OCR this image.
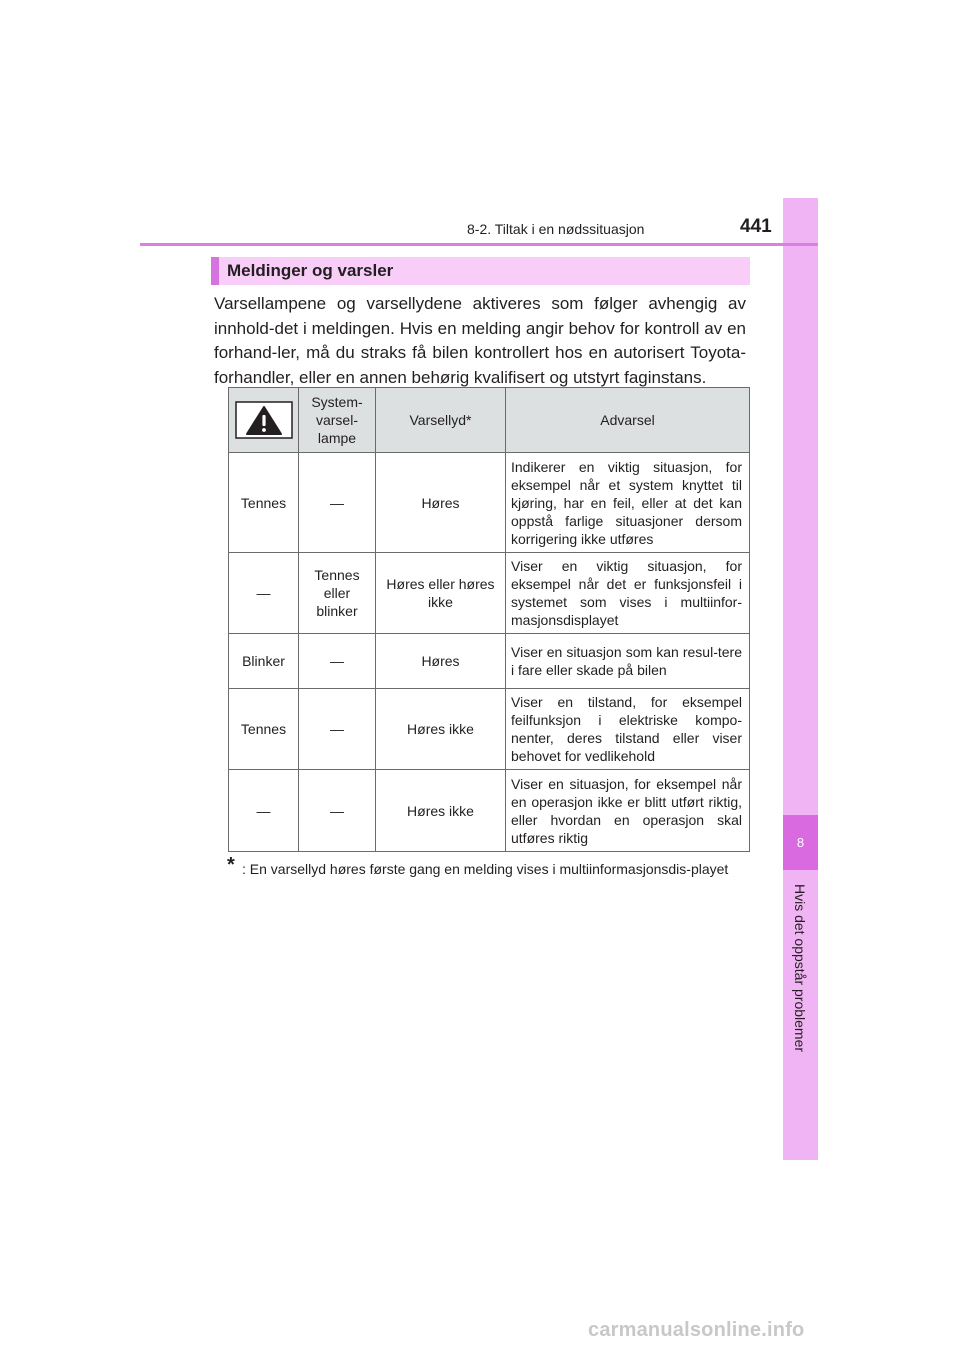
8
Hvis det oppstår problemer
8-2. Tiltak i en nødssituasjon	441
Meldinger og varsler

Varsellampene og varsellydene aktiveres som følger avhengig av innhold-det i meldingen. Hvis en melding angir behov for kontroll av en forhand-ler, må du straks få bilen kontrollert hos en autorisert Toyota-forhandler, eller en annen behørig kvalifisert og utstyrt faginstans.

	System-
varsel-
lampe	Varsellyd*	Advarsel
Tennes	—	Høres	Indikerer en viktig situasjon, for eksempel når et system knyttet til kjøring, har en feil, eller at det kan oppstå farlige situasjoner dersom korrigering ikke utføres
—	Tennes eller blinker	Høres eller høres ikke	Viser en viktig situasjon, for eksempel når det er funksjonsfeil i systemet som vises i multiinfor-masjonsdisplayet
Blinker	—	Høres	Viser en situasjon som kan resul-tere i fare eller skade på bilen
Tennes	—	Høres ikke	Viser en tilstand, for eksempel feilfunksjon i elektriske kompo-nenter, deres tilstand eller viser behovet for vedlikehold
—	—	Høres ikke	Viser en situasjon, for eksempel når en operasjon ikke er blitt utført riktig, eller hvordan en operasjon skal utføres riktig
* : En varsellyd høres første gang en melding vises i multiinformasjonsdis-playet
carmanualsonline.info
